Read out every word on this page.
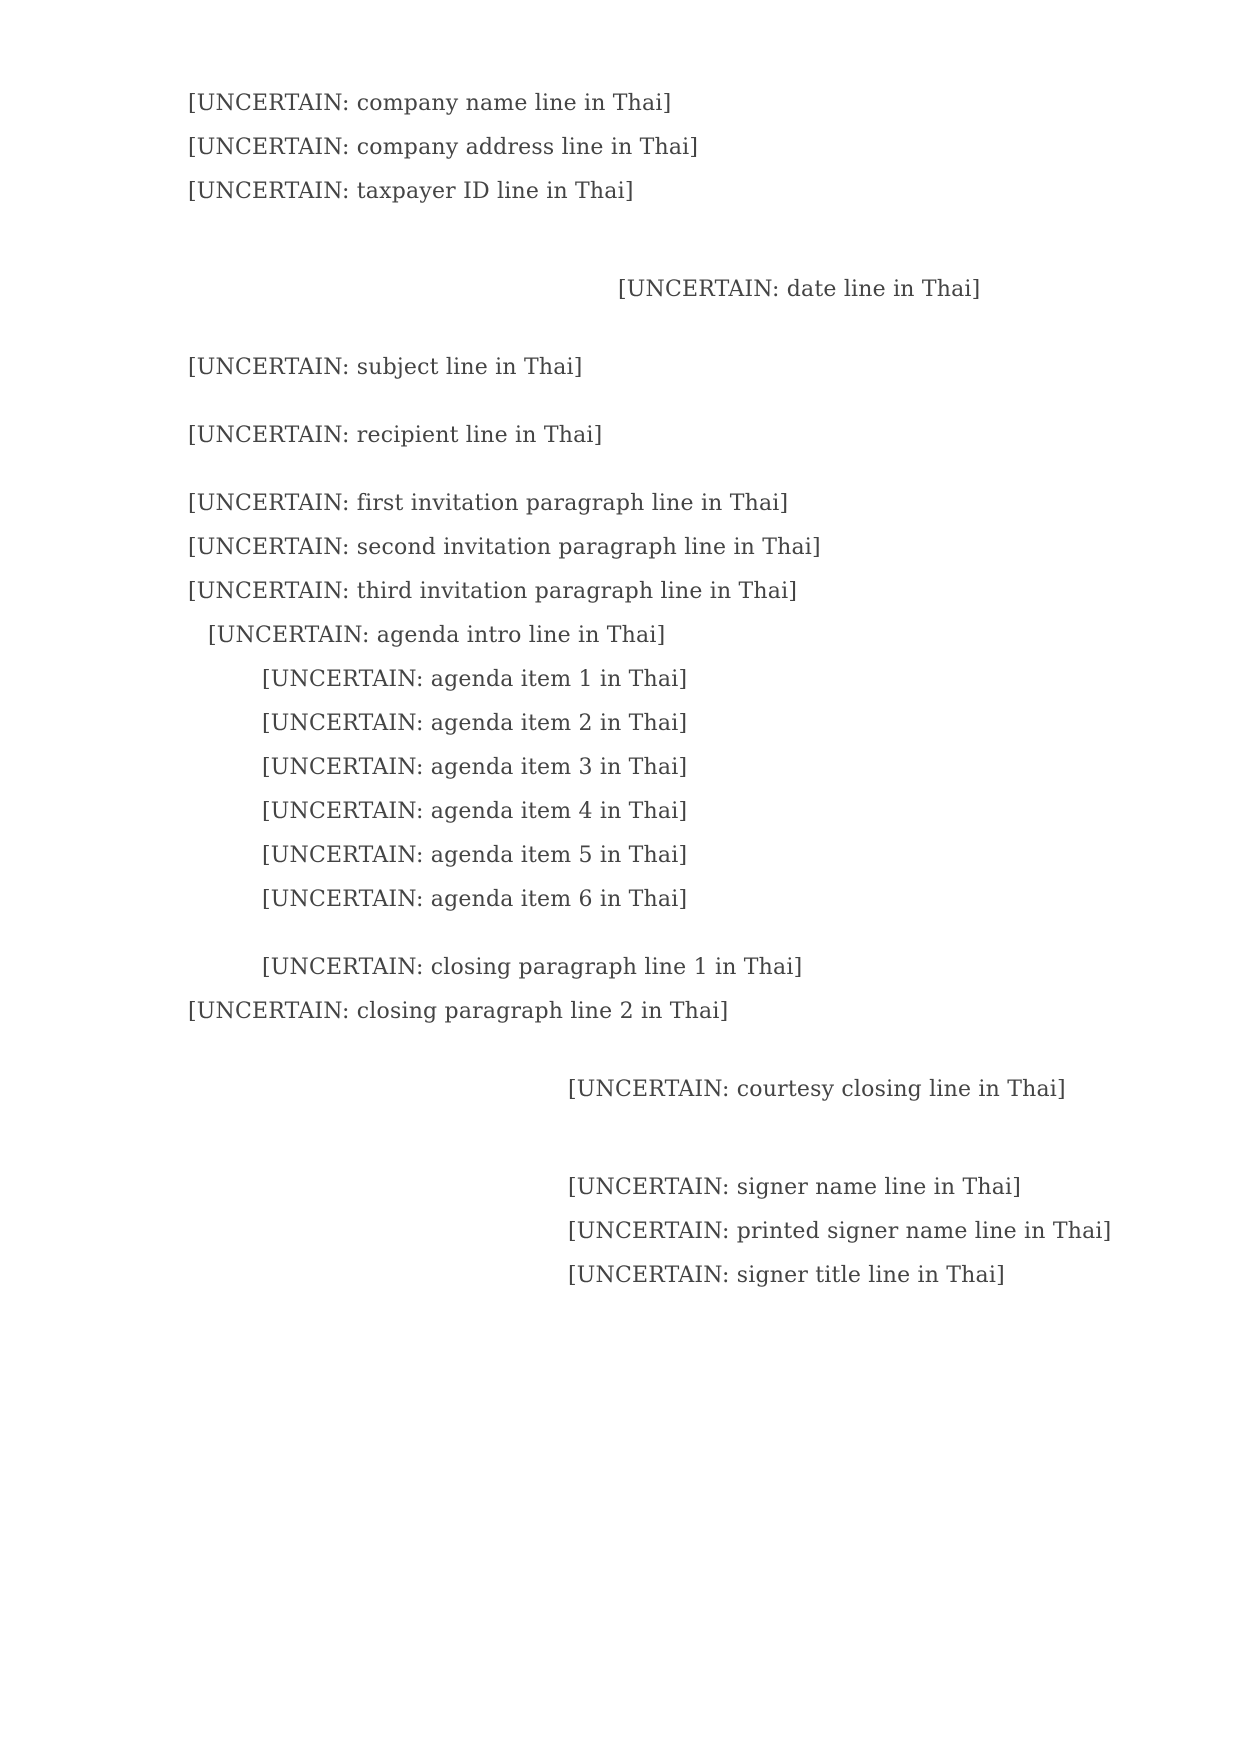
[UNCERTAIN: company name line in Thai]
[UNCERTAIN: company address line in Thai]
[UNCERTAIN: taxpayer ID line in Thai]
[UNCERTAIN: date line in Thai]
[UNCERTAIN: subject line in Thai]
[UNCERTAIN: recipient line in Thai]
[UNCERTAIN: first invitation paragraph line in Thai]
[UNCERTAIN: second invitation paragraph line in Thai]
[UNCERTAIN: third invitation paragraph line in Thai]
[UNCERTAIN: agenda intro line in Thai]
[UNCERTAIN: agenda item 1 in Thai]
[UNCERTAIN: agenda item 2 in Thai]
[UNCERTAIN: agenda item 3 in Thai]
[UNCERTAIN: agenda item 4 in Thai]
[UNCERTAIN: agenda item 5 in Thai]
[UNCERTAIN: agenda item 6 in Thai]
[UNCERTAIN: closing paragraph line 1 in Thai]
[UNCERTAIN: closing paragraph line 2 in Thai]
[UNCERTAIN: courtesy closing line in Thai]
[UNCERTAIN: signer name line in Thai]
[UNCERTAIN: printed signer name line in Thai]
[UNCERTAIN: signer title line in Thai]
